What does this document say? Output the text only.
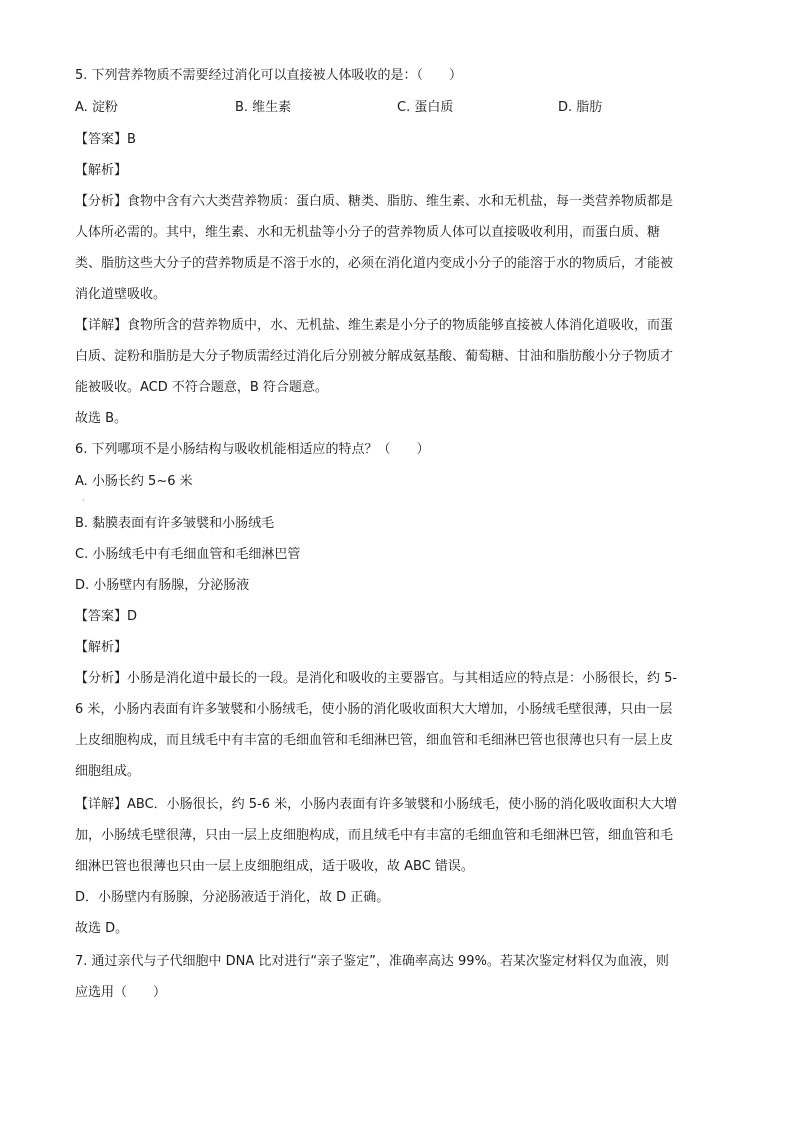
5. 下列营养物质不需要经过消化可以直接被人体吸收的是：（　　）
A. 淀粉	B. 维生素	C. 蛋白质	D. 脂肪
【答案】B
【解析】
【分析】食物中含有六大类营养物质：蛋白质、糖类、脂肪、维生素、水和无机盐，每一类营养物质都是
人体所必需的。其中，维生素、水和无机盐等小分子的营养物质人体可以直接吸收利用，而蛋白质、糖
类、脂肪这些大分子的营养物质是不溶于水的，必须在消化道内变成小分子的能溶于水的物质后，才能被
消化道壁吸收。
【详解】食物所含的营养物质中，水、无机盐、维生素是小分子的物质能够直接被人体消化道吸收，而蛋
白质、淀粉和脂肪是大分子物质需经过消化后分别被分解成氨基酸、葡萄糖、甘油和脂肪酸小分子物质才
能被吸收。ACD 不符合题意，B 符合题意。
故选 B。
6. 下列哪项不是小肠结构与吸收机能相适应的特点？（　　）
A. 小肠长约 5~6 米
·
B. 黏膜表面有许多皱襞和小肠绒毛
C. 小肠绒毛中有毛细血管和毛细淋巴管
D. 小肠壁内有肠腺，分泌肠液
【答案】D
【解析】
【分析】小肠是消化道中最长的一段。是消化和吸收的主要器官。与其相适应的特点是：小肠很长，约 5-
6 米，小肠内表面有许多皱襞和小肠绒毛，使小肠的消化吸收面积大大增加，小肠绒毛壁很薄，只由一层
上皮细胞构成，而且绒毛中有丰富的毛细血管和毛细淋巴管，细血管和毛细淋巴管也很薄也只有一层上皮
细胞组成。
【详解】ABC．小肠很长，约 5-6 米，小肠内表面有许多皱襞和小肠绒毛，使小肠的消化吸收面积大大增
加，小肠绒毛壁很薄，只由一层上皮细胞构成，而且绒毛中有丰富的毛细血管和毛细淋巴管，细血管和毛
细淋巴管也很薄也只由一层上皮细胞组成，适于吸收，故 ABC 错误。
D．小肠壁内有肠腺，分泌肠液适于消化，故 D 正确。
故选 D。
7. 通过亲代与子代细胞中 DNA 比对进行“亲子鉴定”，准确率高达 99%。若某次鉴定材料仅为血液，则
应选用（　　）
